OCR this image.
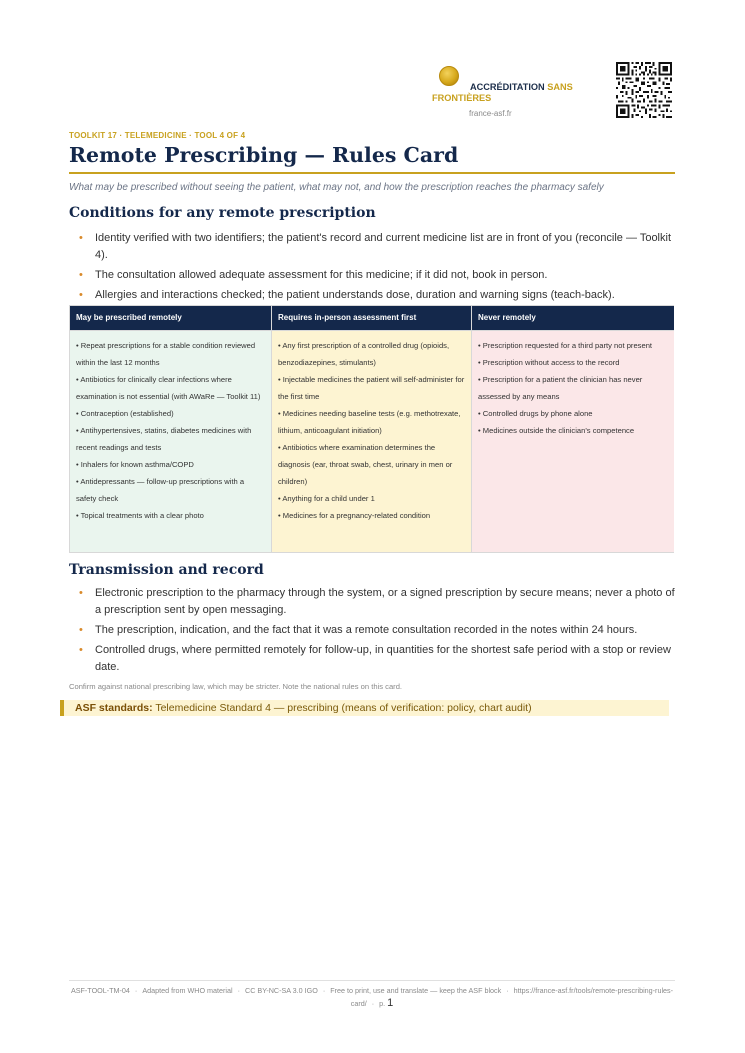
ACCRÉDITATION SANS
FRONTIÈRES
france-asf.fr
TOOLKIT 17 · TELEMEDICINE · TOOL 4 OF 4
Remote Prescribing — Rules Card
What may be prescribed without seeing the patient, what may not, and how the prescription reaches the pharmacy safely
Conditions for any remote prescription
• Identity verified with two identifiers; the patient's record and current medicine list are in front of you (reconcile — Toolkit 4).
• The consultation allowed adequate assessment for this medicine; if it did not, book in person.
• Allergies and interactions checked; the patient understands dose, duration and warning signs (teach-back).
May be prescribed remotely
• Repeat prescriptions for a stable condition reviewed within the last 12 months
• Antibiotics for clinically clear infections where examination is not essential (with AWaRe — Toolkit 11)
• Contraception (established)
• Antihypertensives, statins, diabetes medicines with recent readings and tests
• Inhalers for known asthma/COPD
• Antidepressants — follow-up prescriptions with a safety check
• Topical treatments with a clear photo
Requires in-person assessment first
• Any first prescription of a controlled drug (opioids, benzodiazepines, stimulants)
• Injectable medicines the patient will self-administer for the first time
• Medicines needing baseline tests (e.g. methotrexate, lithium, anticoagulant initiation)
• Antibiotics where examination determines the diagnosis (ear, throat swab, chest, urinary in men or children)
• Anything for a child under 1
• Medicines for a pregnancy-related condition
Never remotely
• Prescription requested for a third party not present
• Prescription without access to the record
• Prescription for a patient the clinician has never assessed by any means
• Controlled drugs by phone alone
• Medicines outside the clinician's competence
Transmission and record
• Electronic prescription to the pharmacy through the system, or a signed prescription by secure means; never a photo of a prescription sent by open messaging.
• The prescription, indication, and the fact that it was a remote consultation recorded in the notes within 24 hours.
• Controlled drugs, where permitted remotely for follow-up, in quantities for the shortest safe period with a stop or review date.
Confirm against national prescribing law, which may be stricter. Note the national rules on this card.
ASF standards: Telemedicine Standard 4 — prescribing (means of verification: policy, chart audit)
ASF-TOOL-TM-04 · Adapted from WHO material · CC BY-NC-SA 3.0 IGO · Free to print, use and translate — keep the ASF block · https://france-asf.fr/tools/remote-prescribing-rules-card/ · p. 1
